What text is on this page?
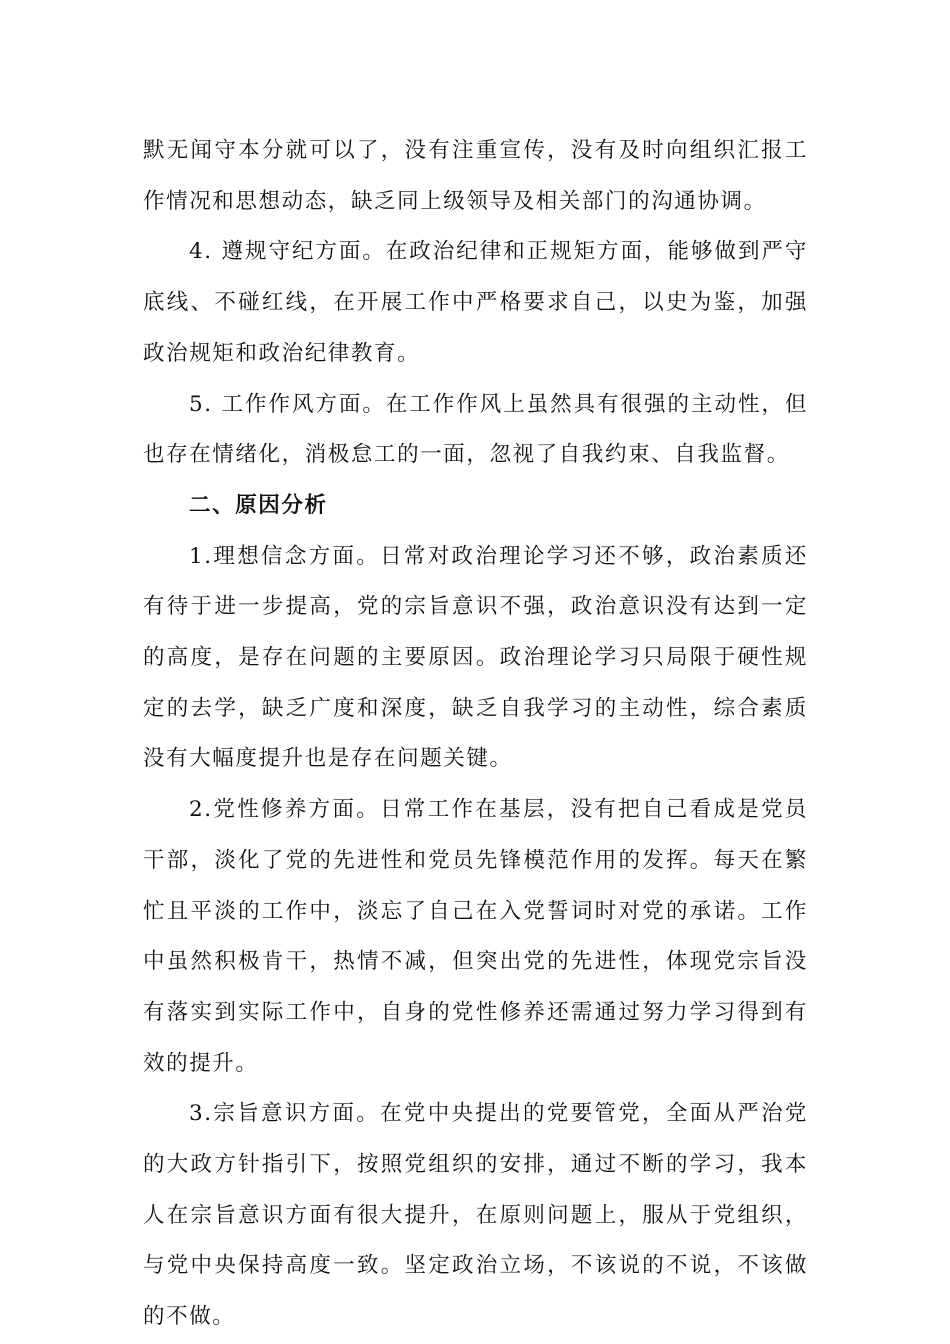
默无闻守本分就可以了，没有注重宣传，没有及时向组织汇报工作情况和思想动态，缺乏同上级领导及相关部门的沟通协调。

4. 遵规守纪方面。在政治纪律和正规矩方面，能够做到严守底线、不碰红线，在开展工作中严格要求自己，以史为鉴，加强政治规矩和政治纪律教育。

5. 工作作风方面。在工作作风上虽然具有很强的主动性，但也存在情绪化，消极怠工的一面，忽视了自我约束、自我监督。

二、原因分析

1.理想信念方面。日常对政治理论学习还不够，政治素质还有待于进一步提高，党的宗旨意识不强，政治意识没有达到一定的高度，是存在问题的主要原因。政治理论学习只局限于硬性规定的去学，缺乏广度和深度，缺乏自我学习的主动性，综合素质没有大幅度提升也是存在问题关键。

2.党性修养方面。日常工作在基层，没有把自己看成是党员干部，淡化了党的先进性和党员先锋模范作用的发挥。每天在繁忙且平淡的工作中，淡忘了自己在入党誓词时对党的承诺。工作中虽然积极肯干，热情不减，但突出党的先进性，体现党宗旨没有落实到实际工作中，自身的党性修养还需通过努力学习得到有效的提升。

3.宗旨意识方面。在党中央提出的党要管党，全面从严治党的大政方针指引下，按照党组织的安排，通过不断的学习，我本人在宗旨意识方面有很大提升，在原则问题上，服从于党组织，与党中央保持高度一致。坚定政治立场，不该说的不说，不该做的不做。
